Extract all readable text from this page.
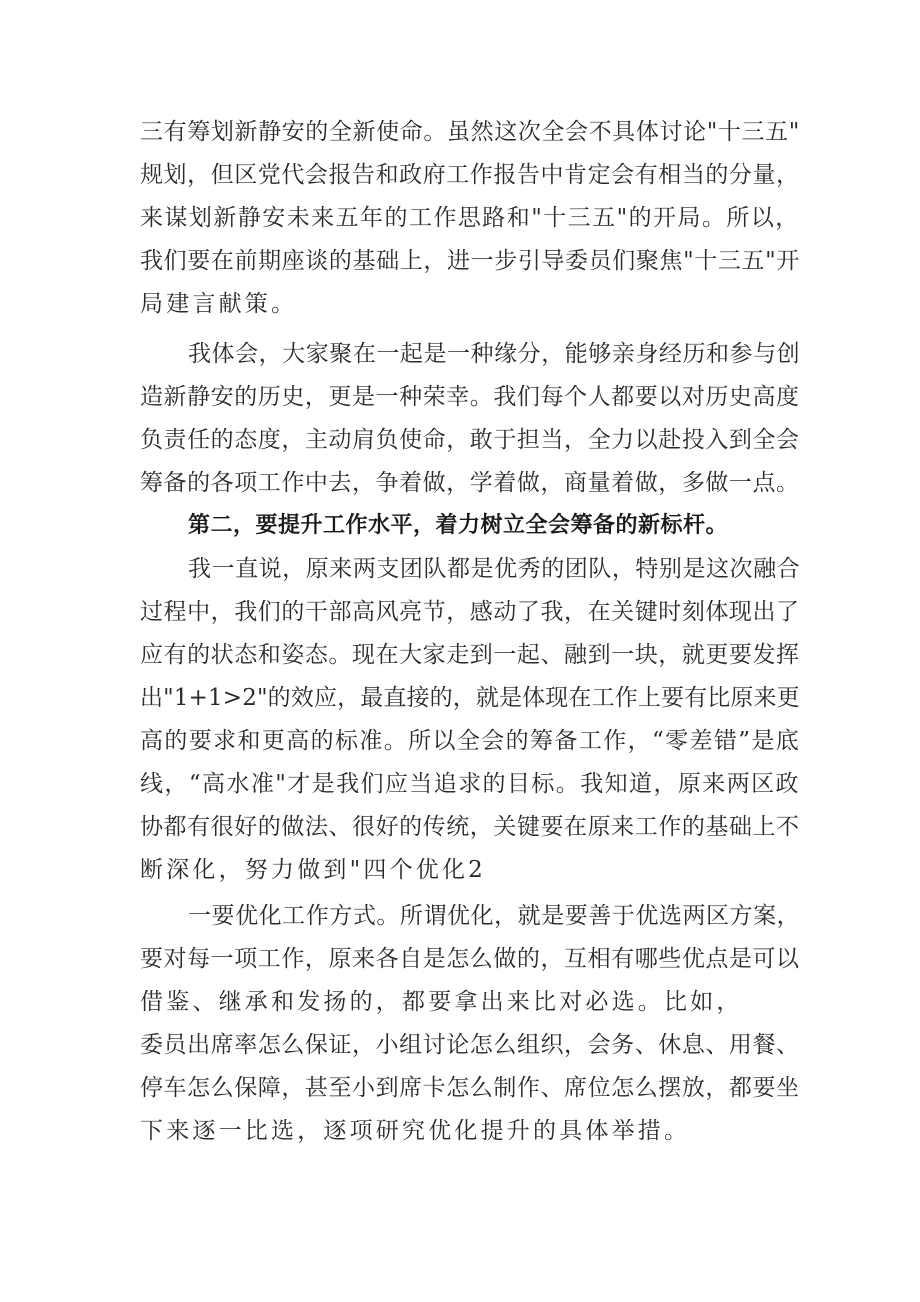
三有筹划新静安的全新使命。虽然这次全会不具体讨论"十三五"
规划，但区党代会报告和政府工作报告中肯定会有相当的分量，
来谋划新静安未来五年的工作思路和"十三五"的开局。所以，
我们要在前期座谈的基础上，进一步引导委员们聚焦"十三五"开
局建言献策。
我体会，大家聚在一起是一种缘分，能够亲身经历和参与创
造新静安的历史，更是一种荣幸。我们每个人都要以对历史高度
负责任的态度，主动肩负使命，敢于担当，全力以赴投入到全会
筹备的各项工作中去，争着做，学着做，商量着做，多做一点。
第二，要提升工作水平，着力树立全会筹备的新标杆。
我一直说，原来两支团队都是优秀的团队，特别是这次融合
过程中，我们的干部高风亮节，感动了我，在关键时刻体现出了
应有的状态和姿态。现在大家走到一起、融到一块，就更要发挥
出"1+1>2"的效应，最直接的，就是体现在工作上要有比原来更
高的要求和更高的标准。所以全会的筹备工作，“零差错”是底
线，“高水准"才是我们应当追求的目标。我知道，原来两区政
协都有很好的做法、很好的传统，关键要在原来工作的基础上不
断深化，努力做到"四个优化2
一要优化工作方式。所谓优化，就是要善于优选两区方案，
要对每一项工作，原来各自是怎么做的，互相有哪些优点是可以
借鉴、继承和发扬的，都要拿出来比对必选。比如，
委员出席率怎么保证，小组讨论怎么组织，会务、休息、用餐、
停车怎么保障，甚至小到席卡怎么制作、席位怎么摆放，都要坐
下来逐一比选，逐项研究优化提升的具体举措。
